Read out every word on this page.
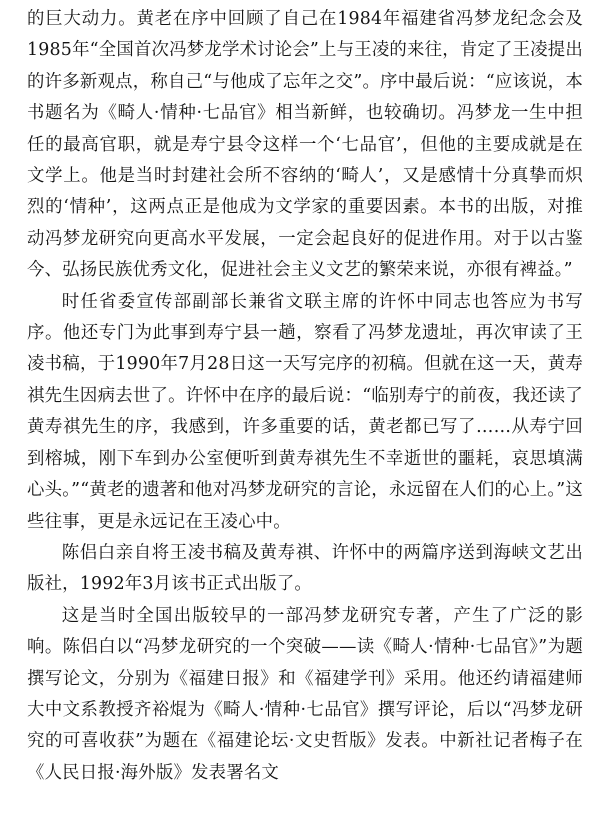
的巨大动力。黄老在序中回顾了自己在1984年福建省冯梦龙纪念会及1985年“全国首次冯梦龙学术讨论会”上与王凌的来往，肯定了王凌提出的许多新观点，称自己“与他成了忘年之交”。序中最后说：“应该说，本书题名为《畸人·情种·七品官》相当新鲜，也较确切。冯梦龙一生中担任的最高官职，就是寿宁县令这样一个‘七品官’，但他的主要成就是在文学上。他是当时封建社会所不容纳的‘畸人’，又是感情十分真挚而炽烈的‘情种’，这两点正是他成为文学家的重要因素。本书的出版，对推动冯梦龙研究向更高水平发展，一定会起良好的促进作用。对于以古鉴今、弘扬民族优秀文化，促进社会主义文艺的繁荣来说，亦很有裨益。”

时任省委宣传部副部长兼省文联主席的许怀中同志也答应为书写序。他还专门为此事到寿宁县一趟，察看了冯梦龙遗址，再次审读了王凌书稿，于1990年7月28日这一天写完序的初稿。但就在这一天，黄寿祺先生因病去世了。许怀中在序的最后说：“临别寿宁的前夜，我还读了黄寿祺先生的序，我感到，许多重要的话，黄老都已写了……从寿宁回到榕城，刚下车到办公室便听到黄寿祺先生不幸逝世的噩耗，哀思填满心头。”“黄老的遗著和他对冯梦龙研究的言论，永远留在人们的心上。”这些往事，更是永远记在王凌心中。

陈侣白亲自将王凌书稿及黄寿祺、许怀中的两篇序送到海峡文艺出版社，1992年3月该书正式出版了。

这是当时全国出版较早的一部冯梦龙研究专著，产生了广泛的影响。陈侣白以“冯梦龙研究的一个突破——读《畸人·情种·七品官》”为题撰写论文，分别为《福建日报》和《福建学刊》采用。他还约请福建师大中文系教授齐裕焜为《畸人·情种·七品官》撰写评论，后以“冯梦龙研究的可喜收获”为题在《福建论坛·文史哲版》发表。中新社记者梅子在《人民日报·海外版》发表署名文
